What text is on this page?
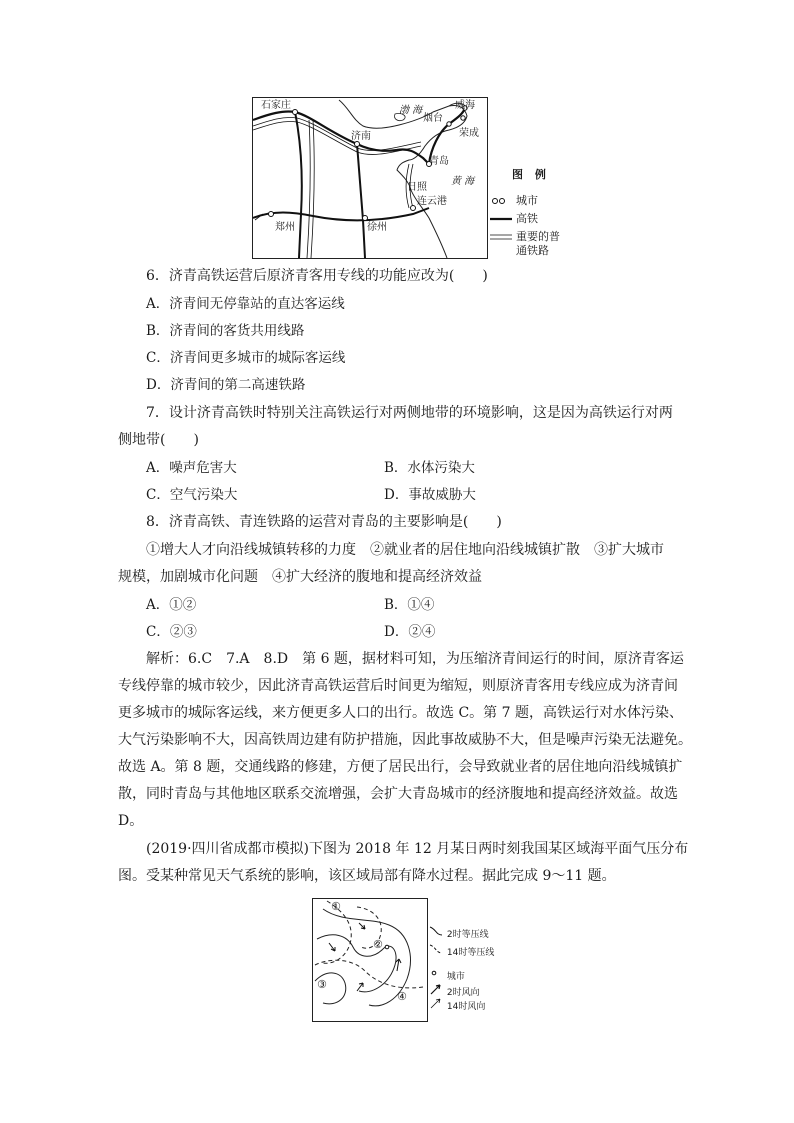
石家庄
济南
渤 海	威海
烟台
荣成
青岛
黄 海
日照
连云港
郑州	徐州
图 例
城市
高铁
重要的普
通铁路
6．济青高铁运营后原济青客用专线的功能应改为(　　)
A．济青间无停靠站的直达客运线
B．济青间的客货共用线路
C．济青间更多城市的城际客运线
D．济青间的第二高速铁路
7．设计济青高铁时特别关注高铁运行对两侧地带的环境影响，这是因为高铁运行对两
侧地带(　　)
A．噪声危害大	B．水体污染大
C．空气污染大	D．事故威胁大
8．济青高铁、青连铁路的运营对青岛的主要影响是(　　)
①增大人才向沿线城镇转移的力度　②就业者的居住地向沿线城镇扩散　③扩大城市
规模，加剧城市化问题　④扩大经济的腹地和提高经济效益
A．①②	B．①④
C．②③	D．②④
解析：6.C　7.A　8.D　第 6 题，据材料可知，为压缩济青间运行的时间，原济青客运
专线停靠的城市较少，因此济青高铁运营后时间更为缩短，则原济青客用专线应成为济青间
更多城市的城际客运线，来方便更多人口的出行。故选 C。第 7 题，高铁运行对水体污染、
大气污染影响不大，因高铁周边建有防护措施，因此事故威胁不大，但是噪声污染无法避免。
故选 A。第 8 题，交通线路的修建，方便了居民出行，会导致就业者的居住地向沿线城镇扩
散，同时青岛与其他地区联系交流增强，会扩大青岛城市的经济腹地和提高经济效益。故选
D。
(2019·四川省成都市模拟)下图为 2018 年 12 月某日两时刻我国某区域海平面气压分布
图。受某种常见天气系统的影响，该区域局部有降水过程。据此完成 9～11 题。
①
②
③
④
2时等压线
14时等压线
城市
2时风向
14时风向
